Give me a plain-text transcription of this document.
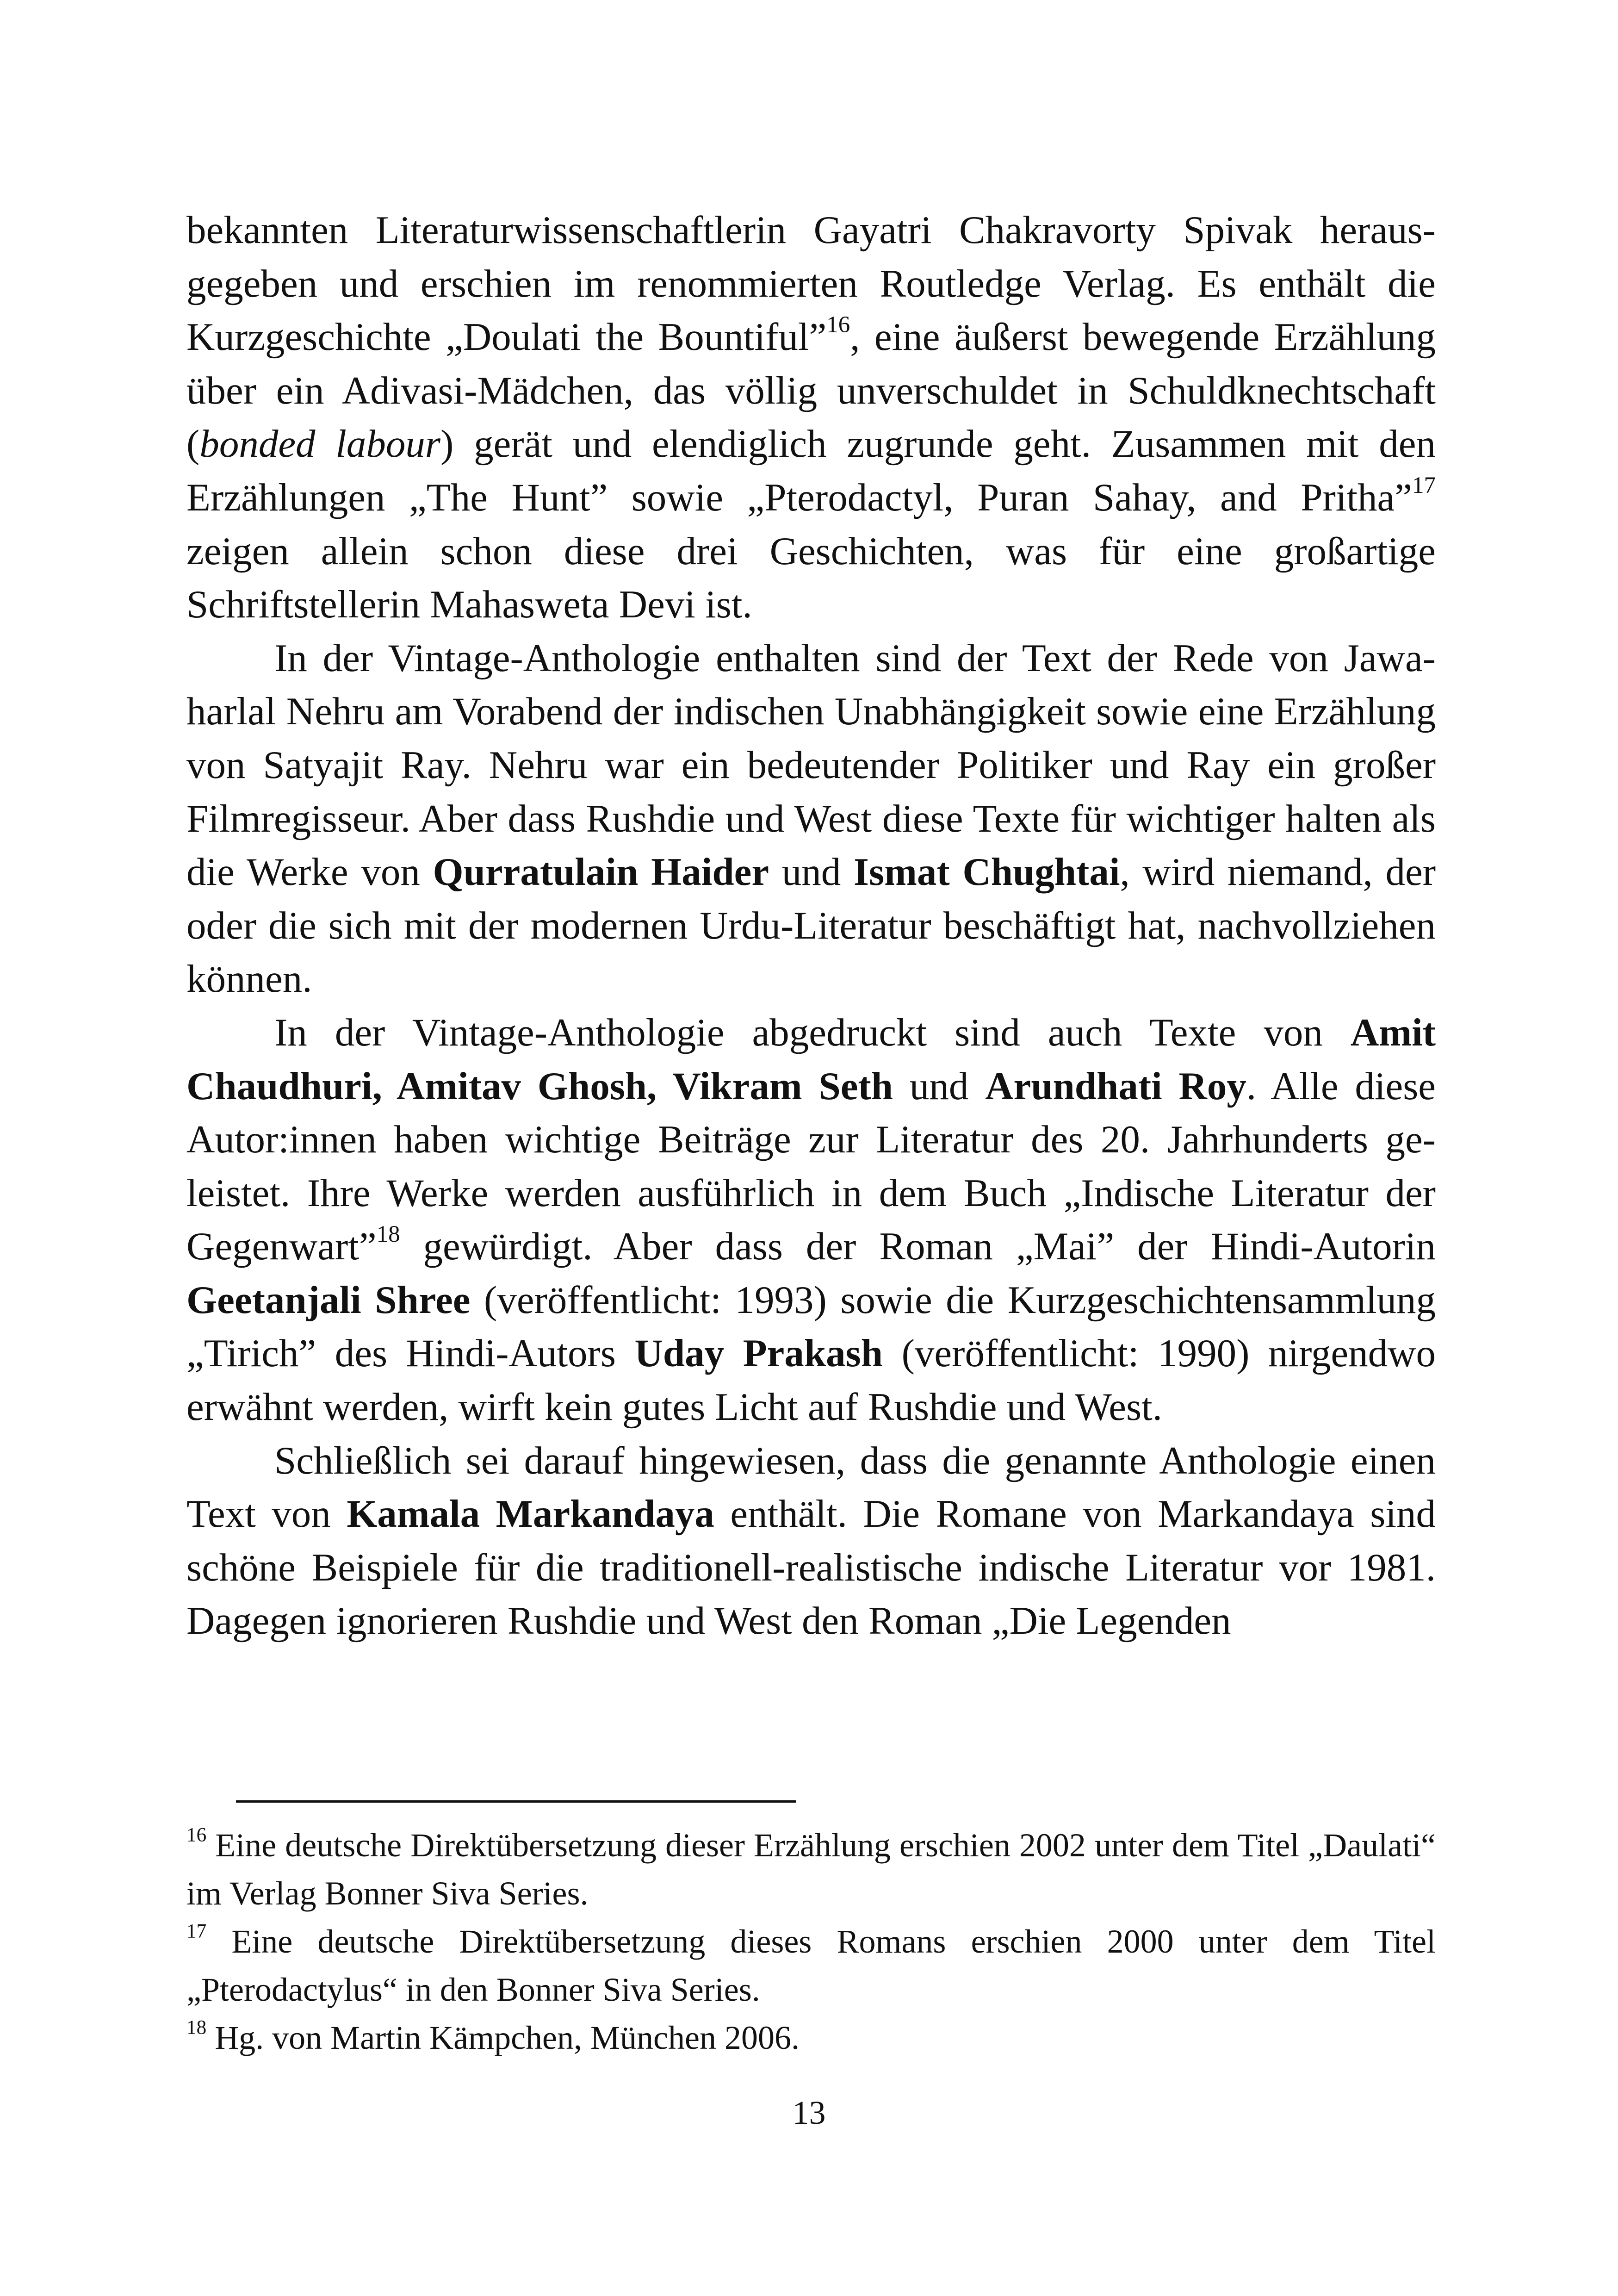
bekannten Literaturwissenschaftlerin Gayatri Chakravorty Spivak herausgegeben und erschien im renommierten Routledge Verlag. Es enthält die Kurzgeschichte „Doulati the Bountiful”$^{16}$, eine äußerst bewegende Erzählung über ein Adivasi-Mädchen, das völlig unverschuldet in Schuldknechtschaft (bonded labour) gerät und elendiglich zugrunde geht. Zusammen mit den Erzählungen „The Hunt” sowie „Pterodactyl, Puran Sahay, and Pritha”$^{17}$ zeigen allein schon diese drei Geschichten, was für eine großartige Schriftstellerin Mahasweta Devi ist.

In der Vintage-Anthologie enthalten sind der Text der Rede von Jawaharlal Nehru am Vorabend der indischen Unabhängigkeit sowie eine Erzählung von Satyajit Ray. Nehru war ein bedeutender Politiker und Ray ein großer Filmregisseur. Aber dass Rushdie und West diese Texte für wichtiger halten als die Werke von Qurratulain Haider und Ismat Chughtai, wird niemand, der oder die sich mit der modernen Urdu-Literatur beschäftigt hat, nachvollziehen können.

In der Vintage-Anthologie abgedruckt sind auch Texte von Amit Chaudhuri, Amitav Ghosh, Vikram Seth und Arundhati Roy. Alle diese Autor:innen haben wichtige Beiträge zur Literatur des 20. Jahrhunderts geleistet. Ihre Werke werden ausführlich in dem Buch „Indische Literatur der Gegenwart”$^{18}$ gewürdigt. Aber dass der Roman „Mai” der Hindi-Autorin Geetanjali Shree (veröffentlicht: 1993) sowie die Kurzgeschichtensammlung „Tirich” des Hindi-Autors Uday Prakash (veröffentlicht: 1990) nirgendwo erwähnt werden, wirft kein gutes Licht auf Rushdie und West.

Schließlich sei darauf hingewiesen, dass die genannte Anthologie einen Text von Kamala Markandaya enthält. Die Romane von Markandaya sind schöne Beispiele für die traditionell-realistische indische Literatur vor 1981. Dagegen ignorieren Rushdie und West den Roman „Die Legenden

$^{16}$ Eine deutsche Direktübersetzung dieser Erzählung erschien 2002 unter dem Titel „Daulati“ im Verlag Bonner Siva Series.

$^{17}$ Eine deutsche Direktübersetzung dieses Romans erschien 2000 unter dem Titel „Pterodactylus“ in den Bonner Siva Series.

$^{18}$ Hg. von Martin Kämpchen, München 2006.

13
